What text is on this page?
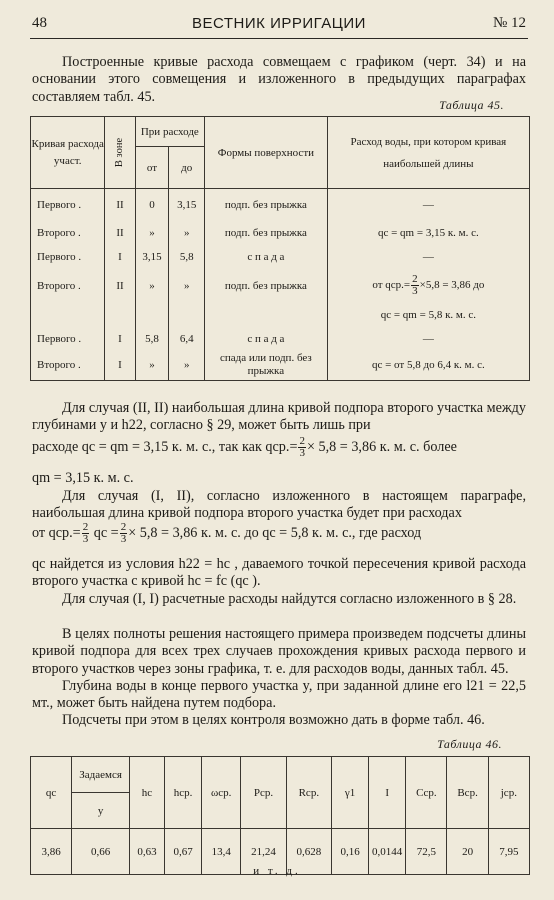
48	ВЕСТНИК ИРРИГАЦИИ	№ 12
Построенные кривые расхода совмещаем с графиком (черт. 34) и на основании этого совмещения и изложенного в предыдущих параграфах составляем табл. 45.
Таблица 45.
Кривая расхода участ.	В зоне	При расходе		Формы поверхности	Расход воды, при котором кривая наибольшей длины
		от	до		
Первого .	II	0	3,15	подп. без прыжка	—
Второго .	II	»	»	подп. без прыжка	qc = qm = 3,15 к. м. с.
Первого .	I	3,15	5,8	с п а д а	—
Второго .	II	»	»	подп. без прыжка	от $qср.= \frac{2}{3} \times 5,8 = 3,86$ до
					qc = qm = 5,8 к. м. с.
Первого .	I	5,8	6,4	с п а д а	—
Второго .	I	»	»	спада или подп. без прыжка	qc = от 5,8 до 6,4 к. м. с.
Для случая (II, II) наибольшая длина кривой подпора второго участка между глубинами y и h22, согласно § 29, может быть лишь при
расходе qc = qm = 3,15 к. м. с., так как $qср.= \frac{2}{3} \times 5,8 = 3,86$ к. м. с. более
qm = 3,15 к. м. с.
Для случая (I, II), согласно изложенного в настоящем параграфе, наибольшая длина кривой подпора второго участка будет при расходах
от $qср.= \frac{2}{3}$ qc = $\frac{2}{3} \times 5,8 = 3,86$ к. м. с. до qc = 5,8 к. м. с., где расход
qc найдется из условия h22 = hc , даваемого точкой пересечения кривой расхода второго участка с кривой hc = fc (qc ).
Для случая (I, I) расчетные расходы найдутся согласно изложенного в § 28.
В целях полноты решения настоящего примера произведем подсчеты длины кривой подпора для всех трех случаев прохождения кривых расхода первого и второго участков через зоны графика, т. е. для расходов воды, данных табл. 45.
Глубина воды в конце первого участка y, при заданной длине его l21 = 22,5 мт., может быть найдена путем подбора.
Подсчеты при этом в целях контроля возможно дать в форме табл. 46.
Таблица 46.
qc	Задаемся	hc	hср.	ωср.	Pср.	Rср.	γ1	I	Cср.	Bср.	jср.
	y										
3,86	0,66	0,63	0,67	13,4	21,24	0,628	0,16	0,0144	72,5	20	7,95
и т. д.
